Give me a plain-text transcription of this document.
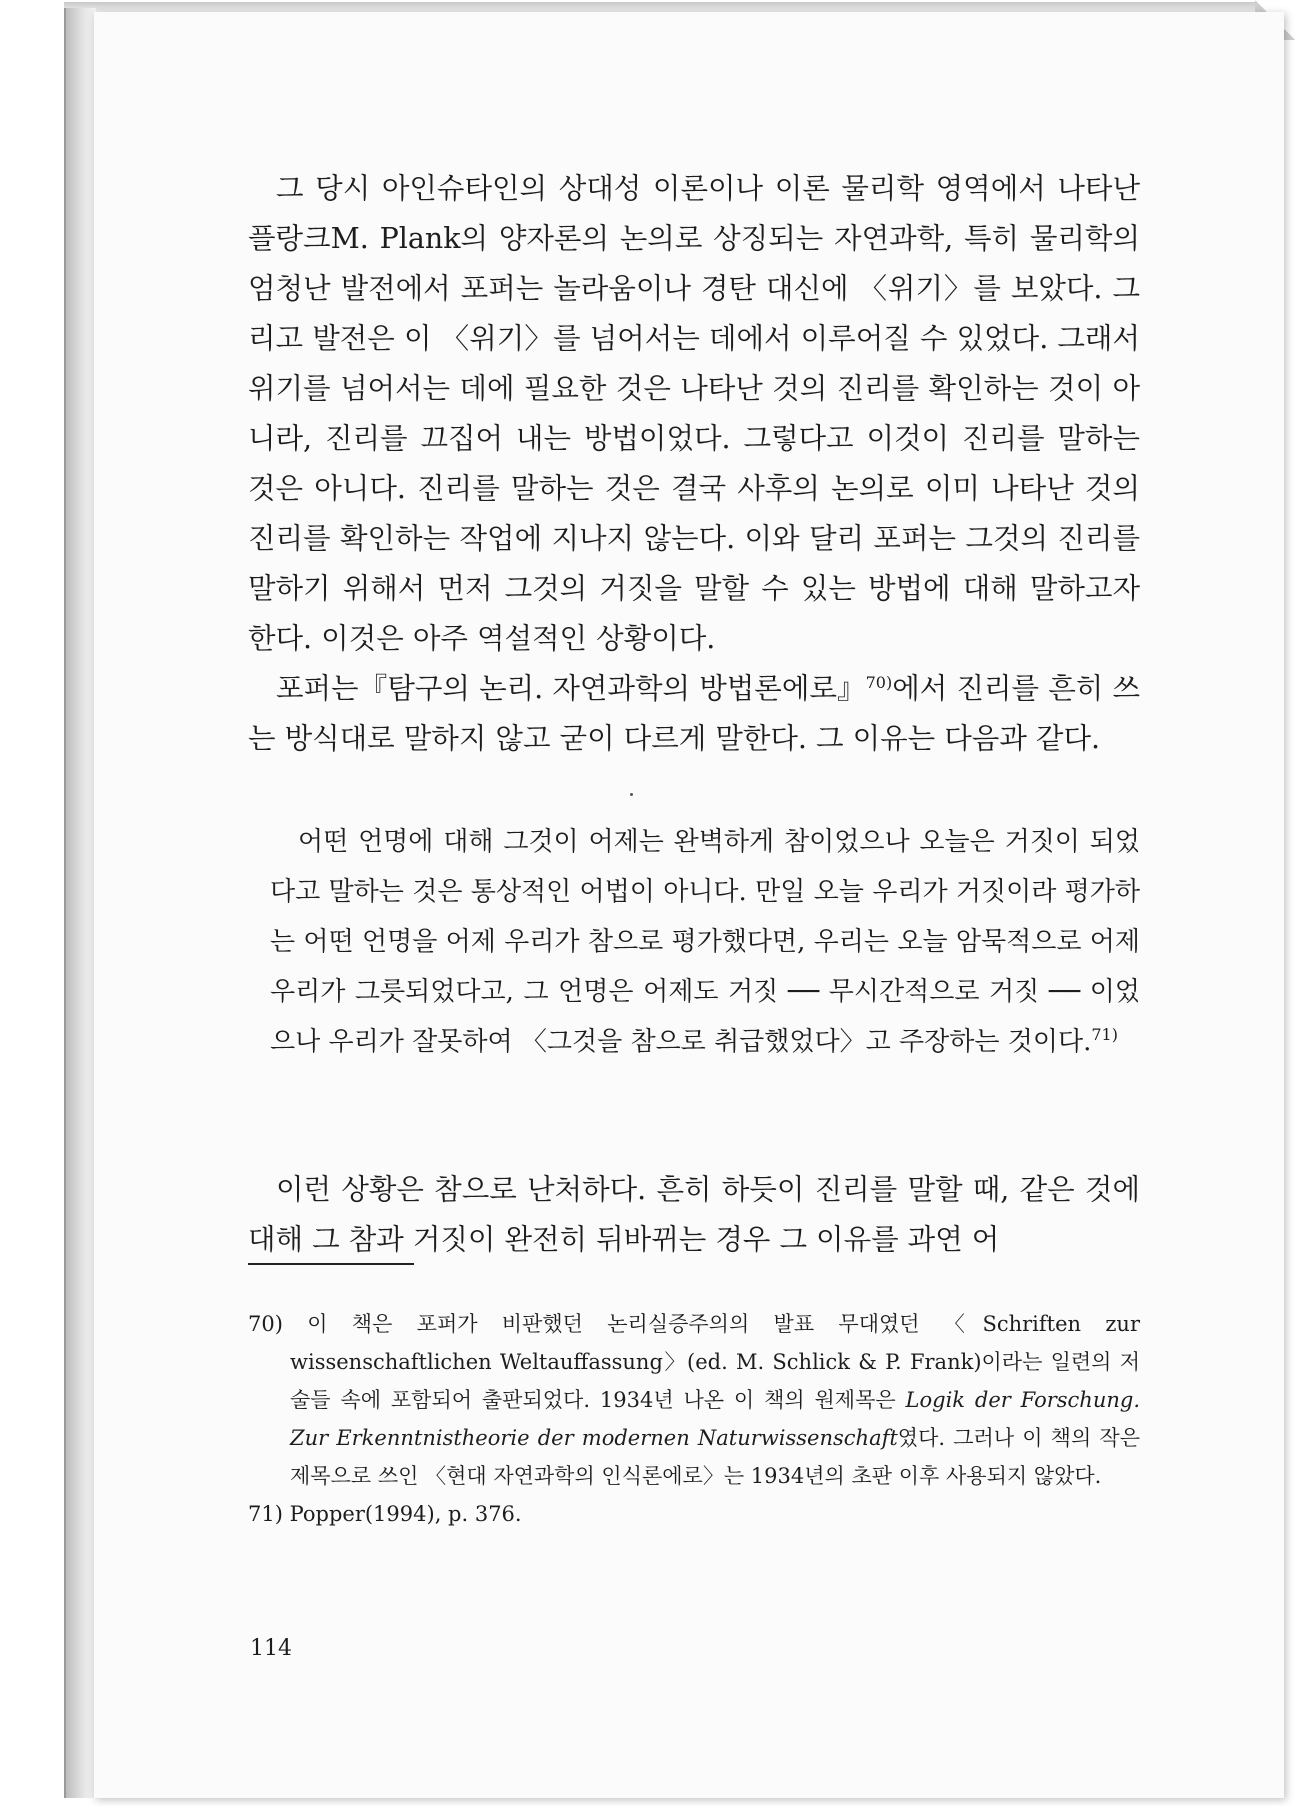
그 당시 아인슈타인의 상대성 이론이나 이론 물리학 영역에서 나타난 플랑크M. Plank의 양자론의 논의로 상징되는 자연과학, 특히 물리학의 엄청난 발전에서 포퍼는 놀라움이나 경탄 대신에 〈위기〉를 보았다. 그리고 발전은 이 〈위기〉를 넘어서는 데에서 이루어질 수 있었다. 그래서 위기를 넘어서는 데에 필요한 것은 나타난 것의 진리를 확인하는 것이 아니라, 진리를 끄집어 내는 방법이었다. 그렇다고 이것이 진리를 말하는 것은 아니다. 진리를 말하는 것은 결국 사후의 논의로 이미 나타난 것의 진리를 확인하는 작업에 지나지 않는다. 이와 달리 포퍼는 그것의 진리를 말하기 위해서 먼저 그것의 거짓을 말할 수 있는 방법에 대해 말하고자 한다. 이것은 아주 역설적인 상황이다.

포퍼는『탐구의 논리. 자연과학의 방법론에로』$^{70)}$에서 진리를 흔히 쓰는 방식대로 말하지 않고 굳이 다르게 말한다. 그 이유는 다음과 같다.

어떤 언명에 대해 그것이 어제는 완벽하게 참이었으나 오늘은 거짓이 되었다고 말하는 것은 통상적인 어법이 아니다. 만일 오늘 우리가 거짓이라 평가하는 어떤 언명을 어제 우리가 참으로 평가했다면, 우리는 오늘 암묵적으로 어제 우리가 그릇되었다고, 그 언명은 어제도 거짓 ── 무시간적으로 거짓 ── 이었으나 우리가 잘못하여 〈그것을 참으로 취급했었다〉고 주장하는 것이다.$^{71)}$

이런 상황은 참으로 난처하다. 흔히 하듯이 진리를 말할 때, 같은 것에 대해 그 참과 거짓이 완전히 뒤바뀌는 경우 그 이유를 과연 어

70) 이 책은 포퍼가 비판했던 논리실증주의의 발표 무대였던 〈Schriften zur wissenschaftlichen Weltauffassung〉(ed. M. Schlick & P. Frank)이라는 일련의 저술들 속에 포함되어 출판되었다. 1934년 나온 이 책의 원제목은 Logik der Forschung. Zur Erkenntnistheorie der modernen Naturwissenschaft였다. 그러나 이 책의 작은 제목으로 쓰인 〈현대 자연과학의 인식론에로〉는 1934년의 초판 이후 사용되지 않았다.

71) Popper(1994), p. 376.

114
